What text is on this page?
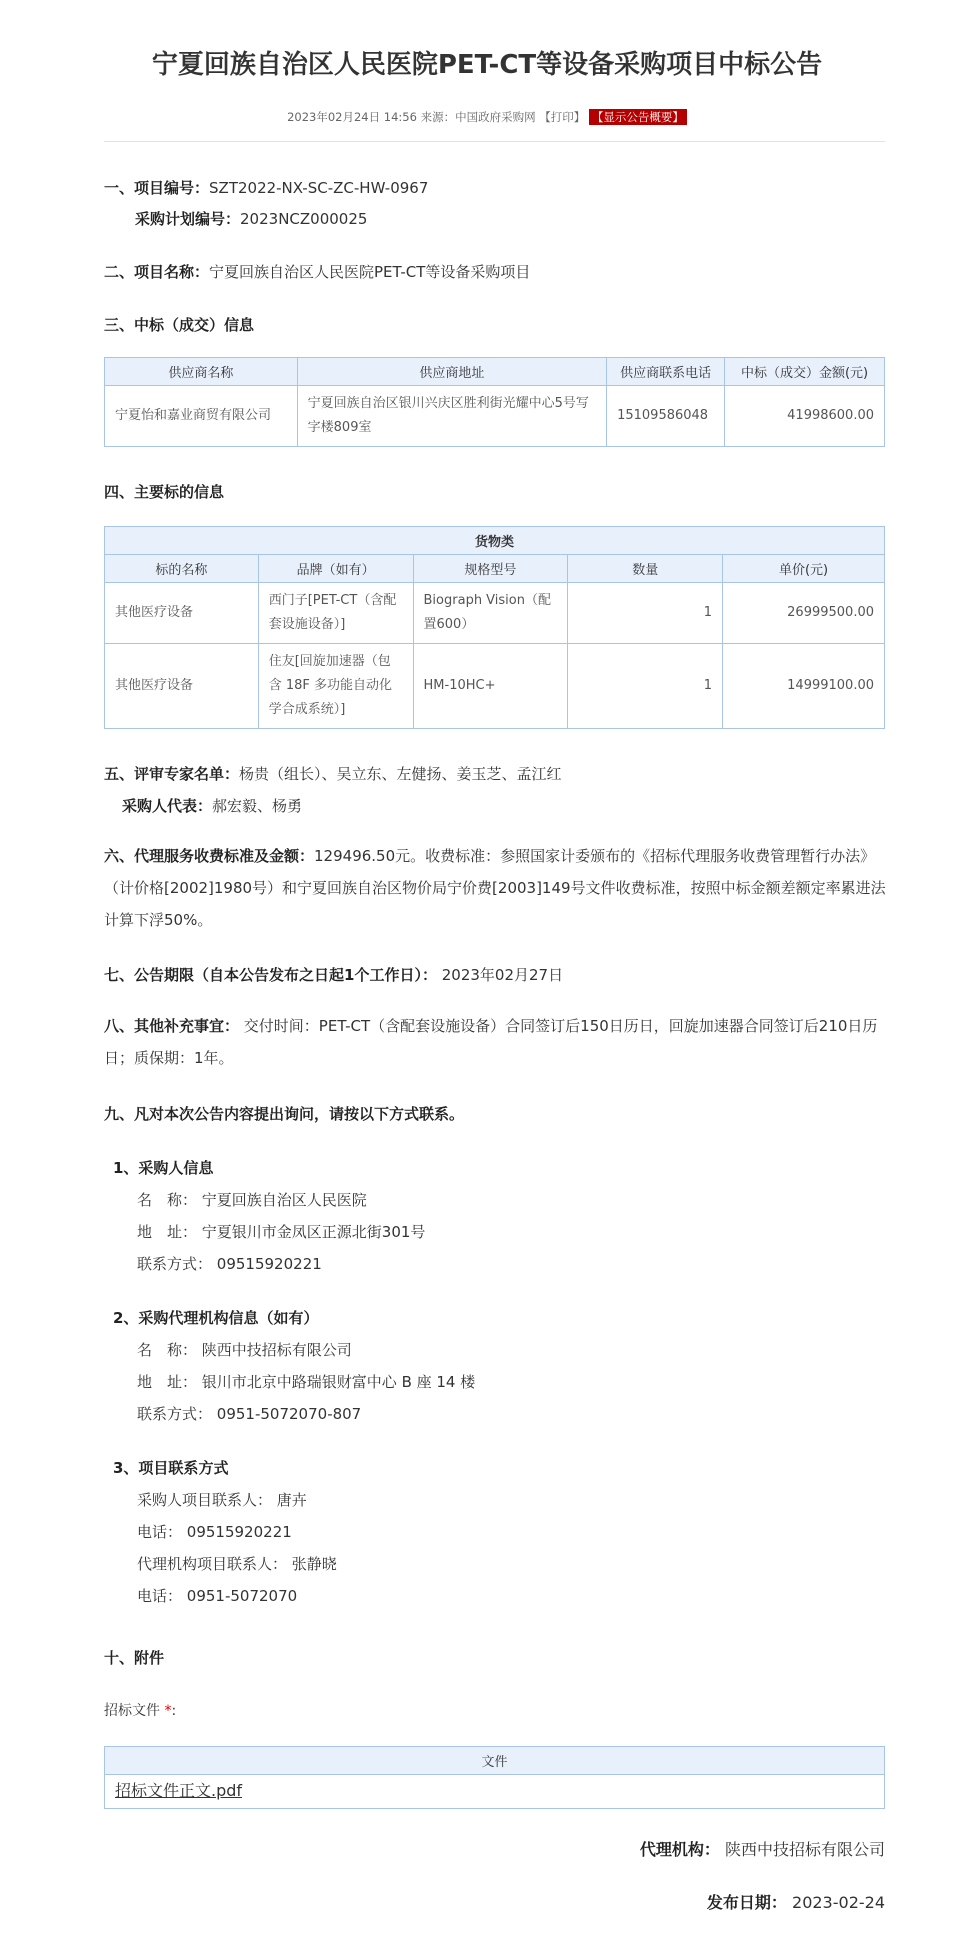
宁夏回族自治区人民医院PET-CT等设备采购项目中标公告
2023年02月24日 14:56 来源：中国政府采购网 【打印】 【显示公告概要】
一、项目编号：SZT2022-NX-SC-ZC-HW-0967
采购计划编号：2023NCZ000025
二、项目名称：宁夏回族自治区人民医院PET-CT等设备采购项目
三、中标（成交）信息
供应商名称	供应商地址	供应商联系电话	中标（成交）金额(元)
宁夏怡和嘉业商贸有限公司	宁夏回族自治区银川兴庆区胜利街光耀中心5号写字楼809室	15109586048	41998600.00
四、主要标的信息
货物类				
标的名称	品牌（如有）	规格型号	数量	单价(元)
其他医疗设备	西门子[PET-CT（含配套设施设备）]	Biograph Vision（配置600）	1	26999500.00
其他医疗设备	住友[回旋加速器（包含 18F 多功能自动化学合成系统）]	HM-10HC+	1	14999100.00
五、评审专家名单：杨贵（组长）、吴立东、左健扬、姜玉芝、孟江红
采购人代表：郝宏毅、杨勇
六、代理服务收费标准及金额：129496.50元。收费标准：参照国家计委颁布的《招标代理服务收费管理暂行办法》（计价格[2002]1980号）和宁夏回族自治区物价局宁价费[2003]149号文件收费标准，按照中标金额差额定率累进法计算下浮50%。
七、公告期限（自本公告发布之日起1个工作日）： 2023年02月27日
八、其他补充事宜： 交付时间：PET-CT（含配套设施设备）合同签订后150日历日，回旋加速器合同签订后210日历日；质保期：1年。
九、凡对本次公告内容提出询问，请按以下方式联系。
1、采购人信息
名　称： 宁夏回族自治区人民医院
地　址： 宁夏银川市金凤区正源北街301号
联系方式： 09515920221
2、采购代理机构信息（如有）
名　称： 陕西中技招标有限公司
地　址： 银川市北京中路瑞银财富中心 B 座 14 楼
联系方式： 0951-5072070-807
3、项目联系方式
采购人项目联系人： 唐卉
电话： 09515920221
代理机构项目联系人： 张静晓
电话： 0951-5072070
十、附件
招标文件 *:
文件
招标文件正文.pdf
代理机构： 陕西中技招标有限公司
发布日期： 2023-02-24
